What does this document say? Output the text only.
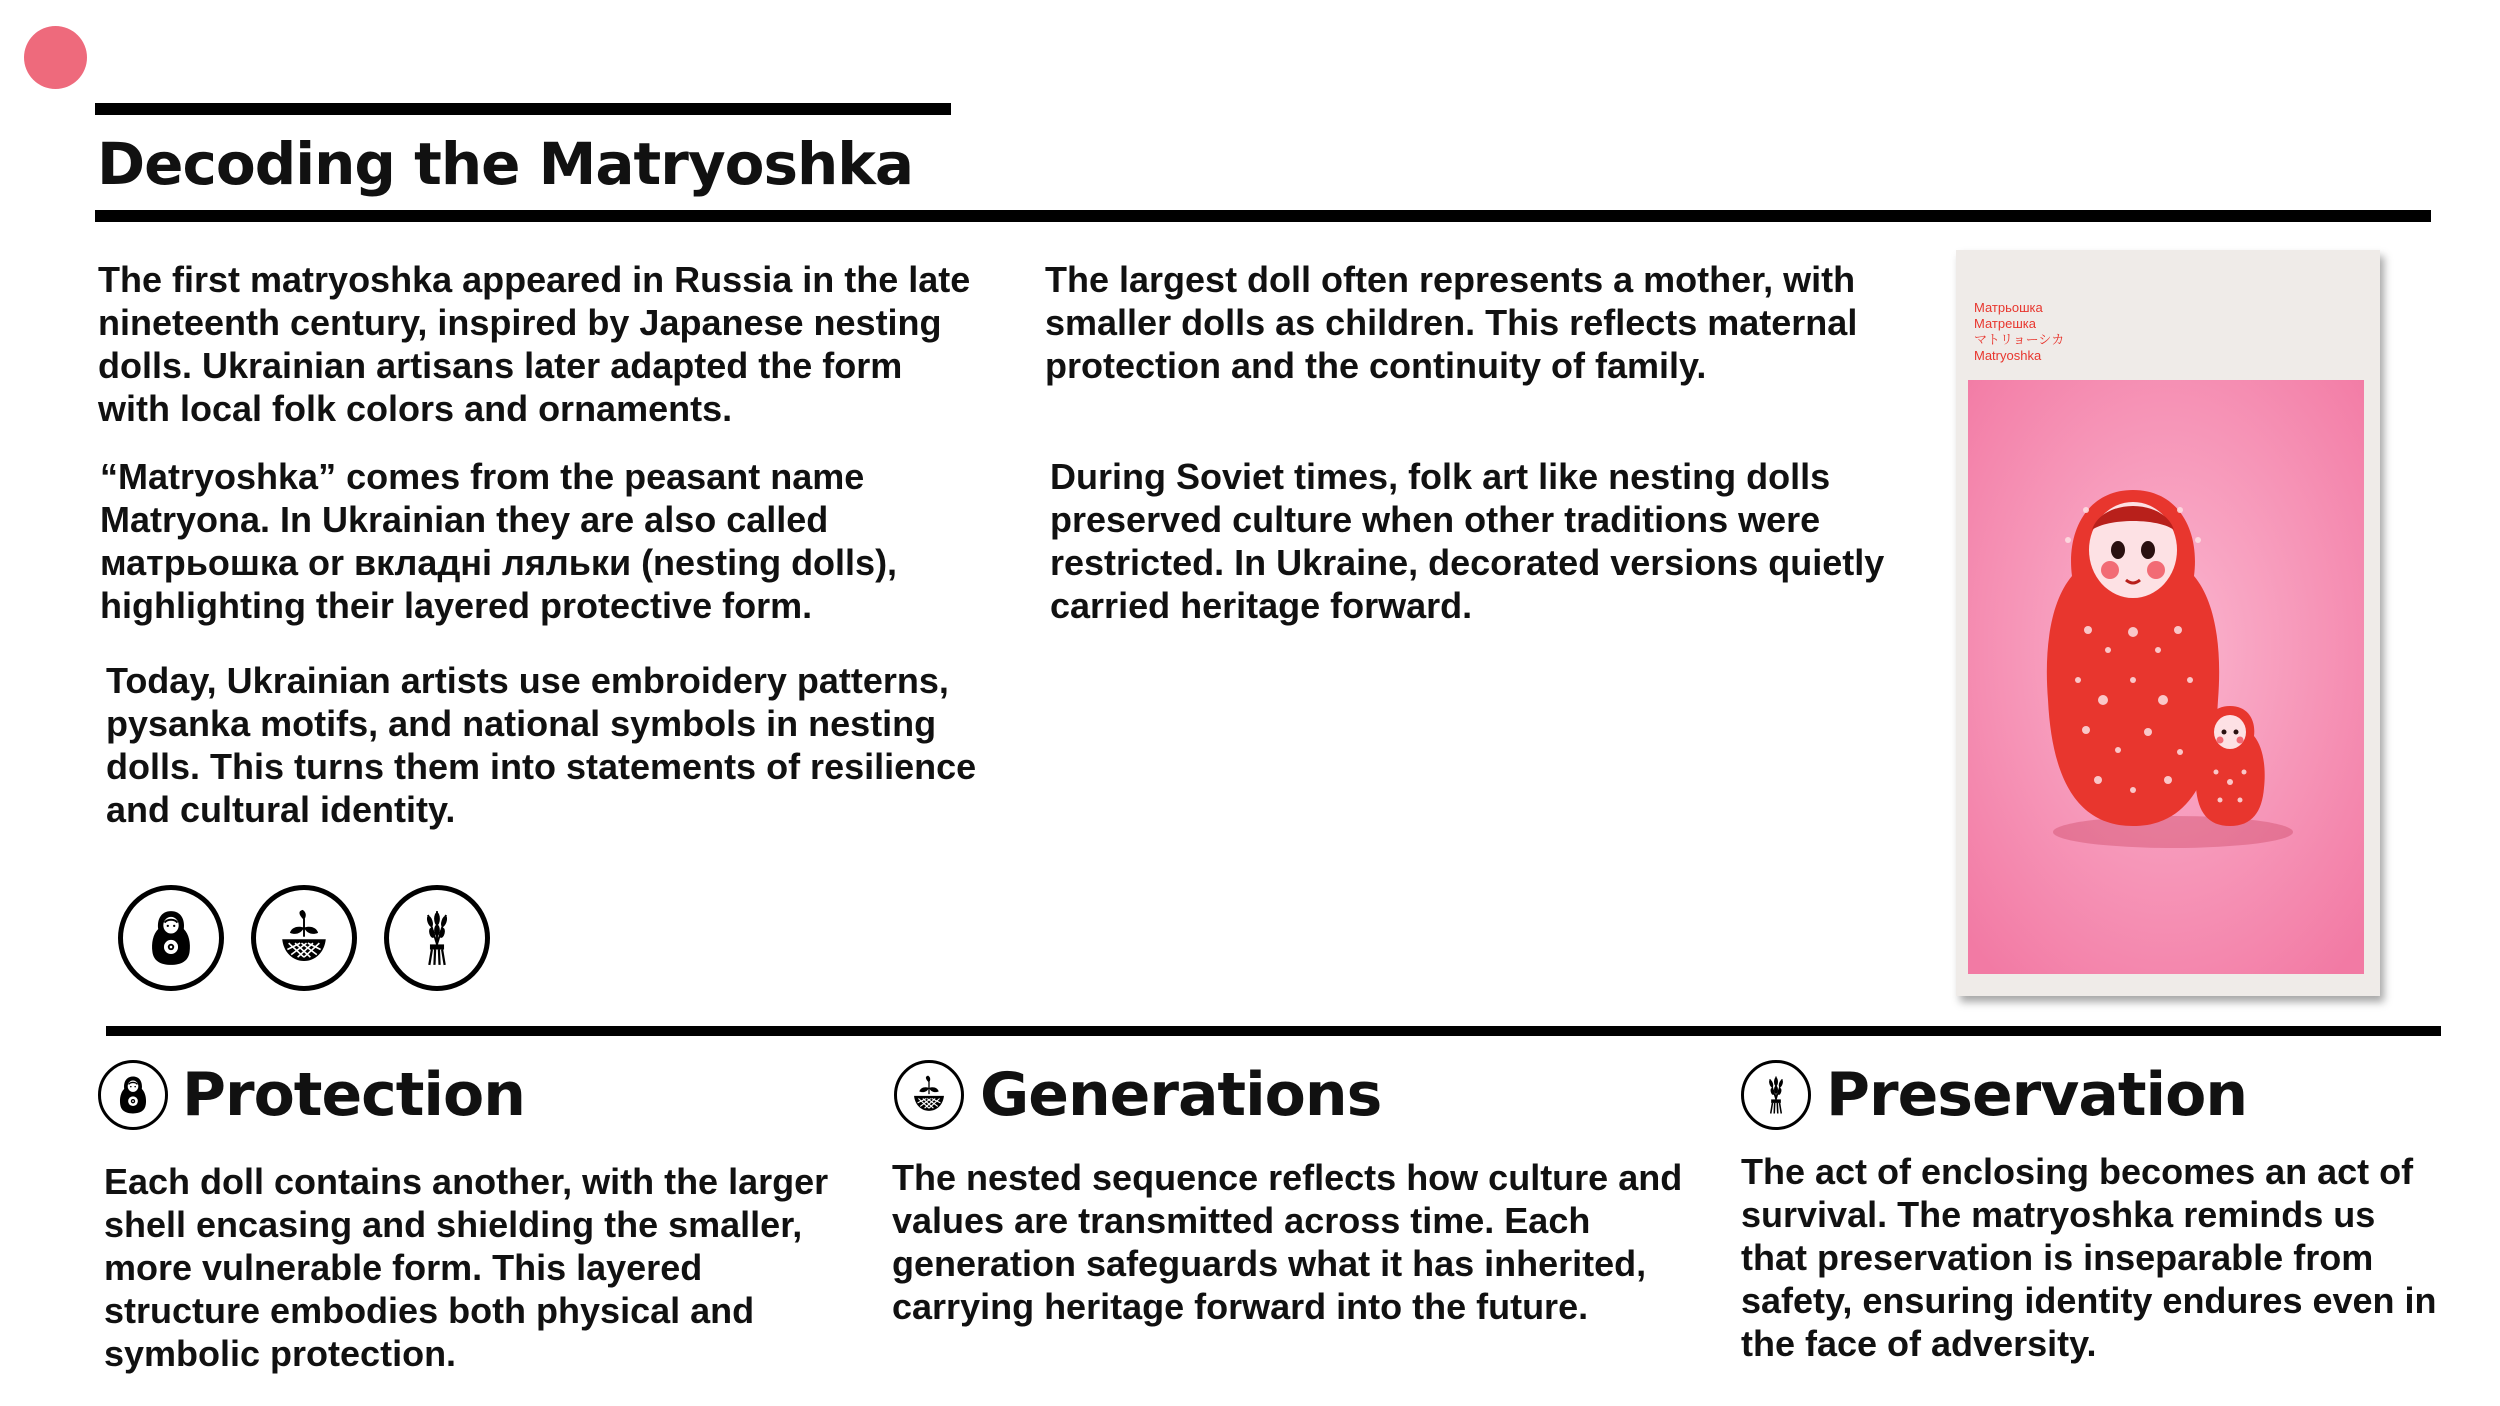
Decoding the Matryoshka
The first matryoshka appeared in Russia in the late nineteenth century, inspired by Japanese nesting dolls. Ukrainian artisans later adapted the form with local folk colors and ornaments.
“Matryoshka” comes from the peasant name Matryona. In Ukrainian they are also called матрьошка or вкладні ляльки (nesting dolls), highlighting their layered protective form.
Today, Ukrainian artists use embroidery patterns, pysanka motifs, and national symbols in nesting dolls. This turns them into statements of resilience and cultural identity.
The largest doll often represents a mother, with smaller dolls as children. This reflects maternal protection and the continuity of family.
During Soviet times, folk art like nesting dolls preserved culture when other traditions were restricted. In Ukraine, decorated versions quietly carried heritage forward.
Матрьошка
Матрешка
マトリョーシカ
Matryoshka
Protection
Each doll contains another, with the larger shell encasing and shielding the smaller, more vulnerable form. This layered structure embodies both physical and symbolic protection.
Generations
The nested sequence reflects how culture and values are transmitted across time. Each generation safeguards what it has inherited, carrying heritage forward into the future.
Preservation
The act of enclosing becomes an act of survival. The matryoshka reminds us that preservation is inseparable from safety, ensuring identity endures even in the face of adversity.
